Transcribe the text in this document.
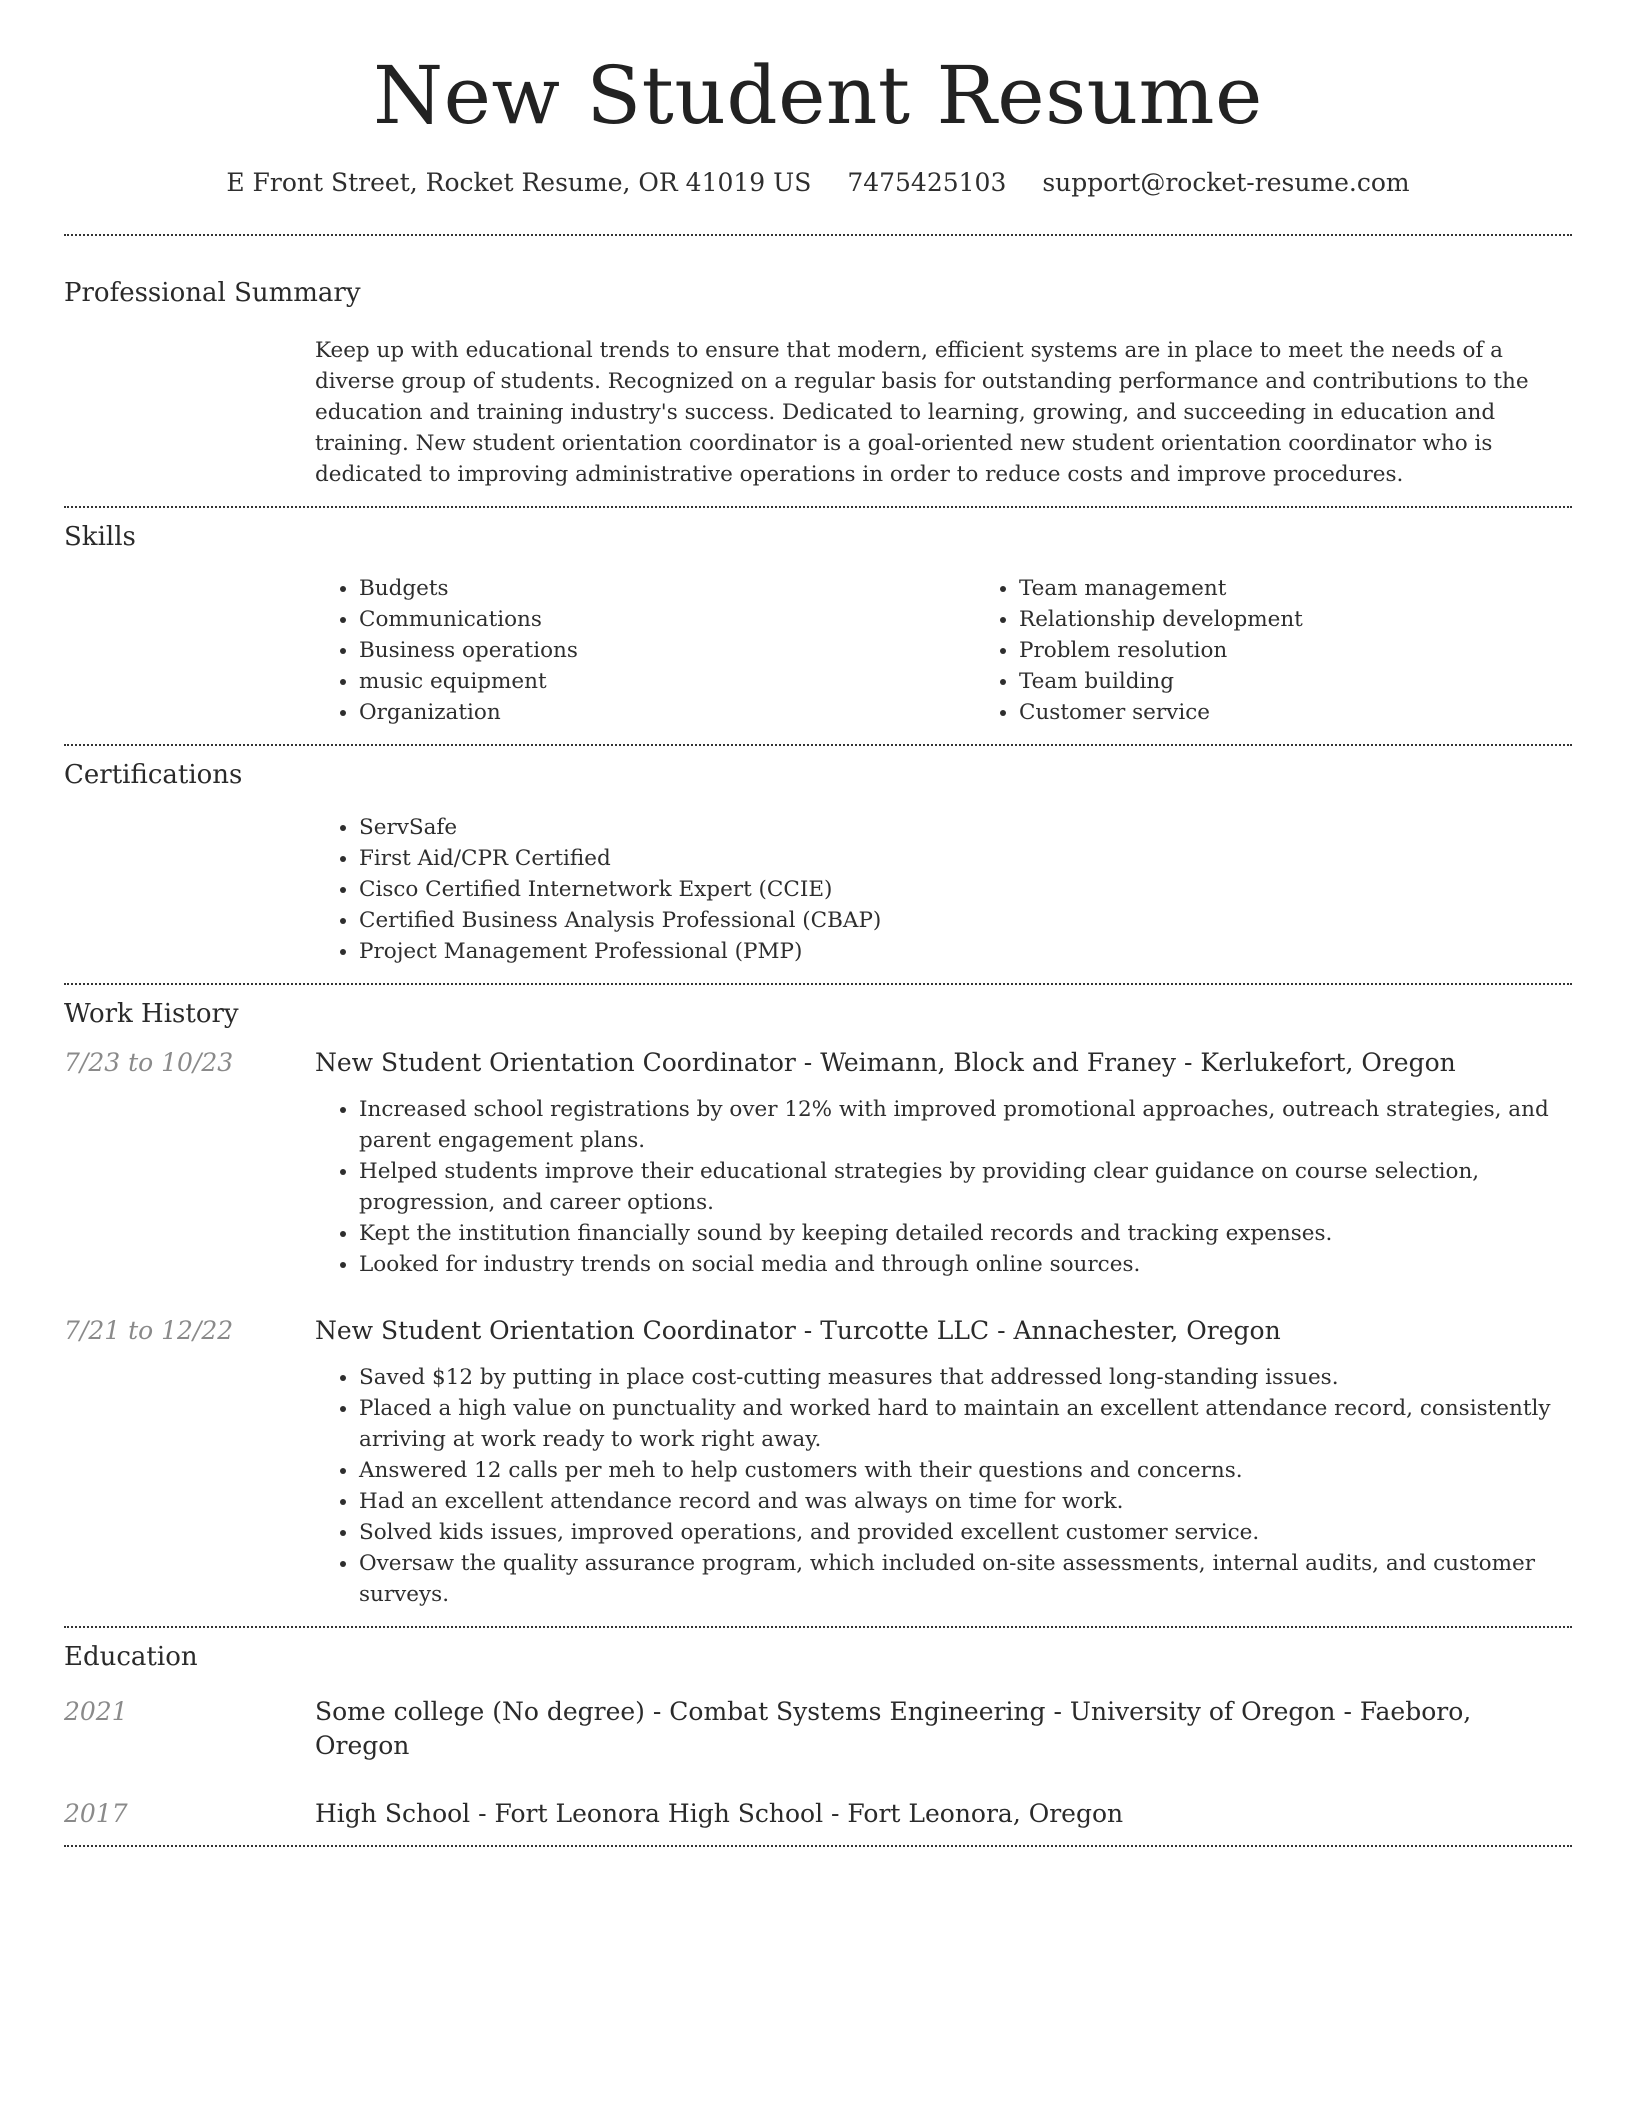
New Student Resume
E Front Street, Rocket Resume, OR 41019 US 7475425103 support@rocket-resume.com
Professional Summary
Keep up with educational trends to ensure that modern, efficient systems are in place to meet the needs of a diverse group of students. Recognized on a regular basis for outstanding performance and contributions to the education and training industry's success. Dedicated to learning, growing, and succeeding in education and training. New student orientation coordinator is a goal-oriented new student orientation coordinator who is dedicated to improving administrative operations in order to reduce costs and improve procedures.
Skills
• Budgets
• Communications
• Business operations
• music equipment
• Organization
• Team management
• Relationship development
• Problem resolution
• Team building
• Customer service
Certifications
• ServSafe
• First Aid/CPR Certified
• Cisco Certified Internetwork Expert (CCIE)
• Certified Business Analysis Professional (CBAP)
• Project Management Professional (PMP)
Work History
7/23 to 10/23	New Student Orientation Coordinator - Weimann, Block and Franey - Kerlukefort, Oregon
• Increased school registrations by over 12% with improved promotional approaches, outreach strategies, and parent engagement plans.
• Helped students improve their educational strategies by providing clear guidance on course selection, progression, and career options.
• Kept the institution financially sound by keeping detailed records and tracking expenses.
• Looked for industry trends on social media and through online sources.
7/21 to 12/22	New Student Orientation Coordinator - Turcotte LLC - Annachester, Oregon
• Saved $12 by putting in place cost-cutting measures that addressed long-standing issues.
• Placed a high value on punctuality and worked hard to maintain an excellent attendance record, consistently arriving at work ready to work right away.
• Answered 12 calls per meh to help customers with their questions and concerns.
• Had an excellent attendance record and was always on time for work.
• Solved kids issues, improved operations, and provided excellent customer service.
• Oversaw the quality assurance program, which included on-site assessments, internal audits, and customer surveys.
Education
2021	Some college (No degree) - Combat Systems Engineering - University of Oregon - Faeboro, Oregon
2017	High School - Fort Leonora High School - Fort Leonora, Oregon
